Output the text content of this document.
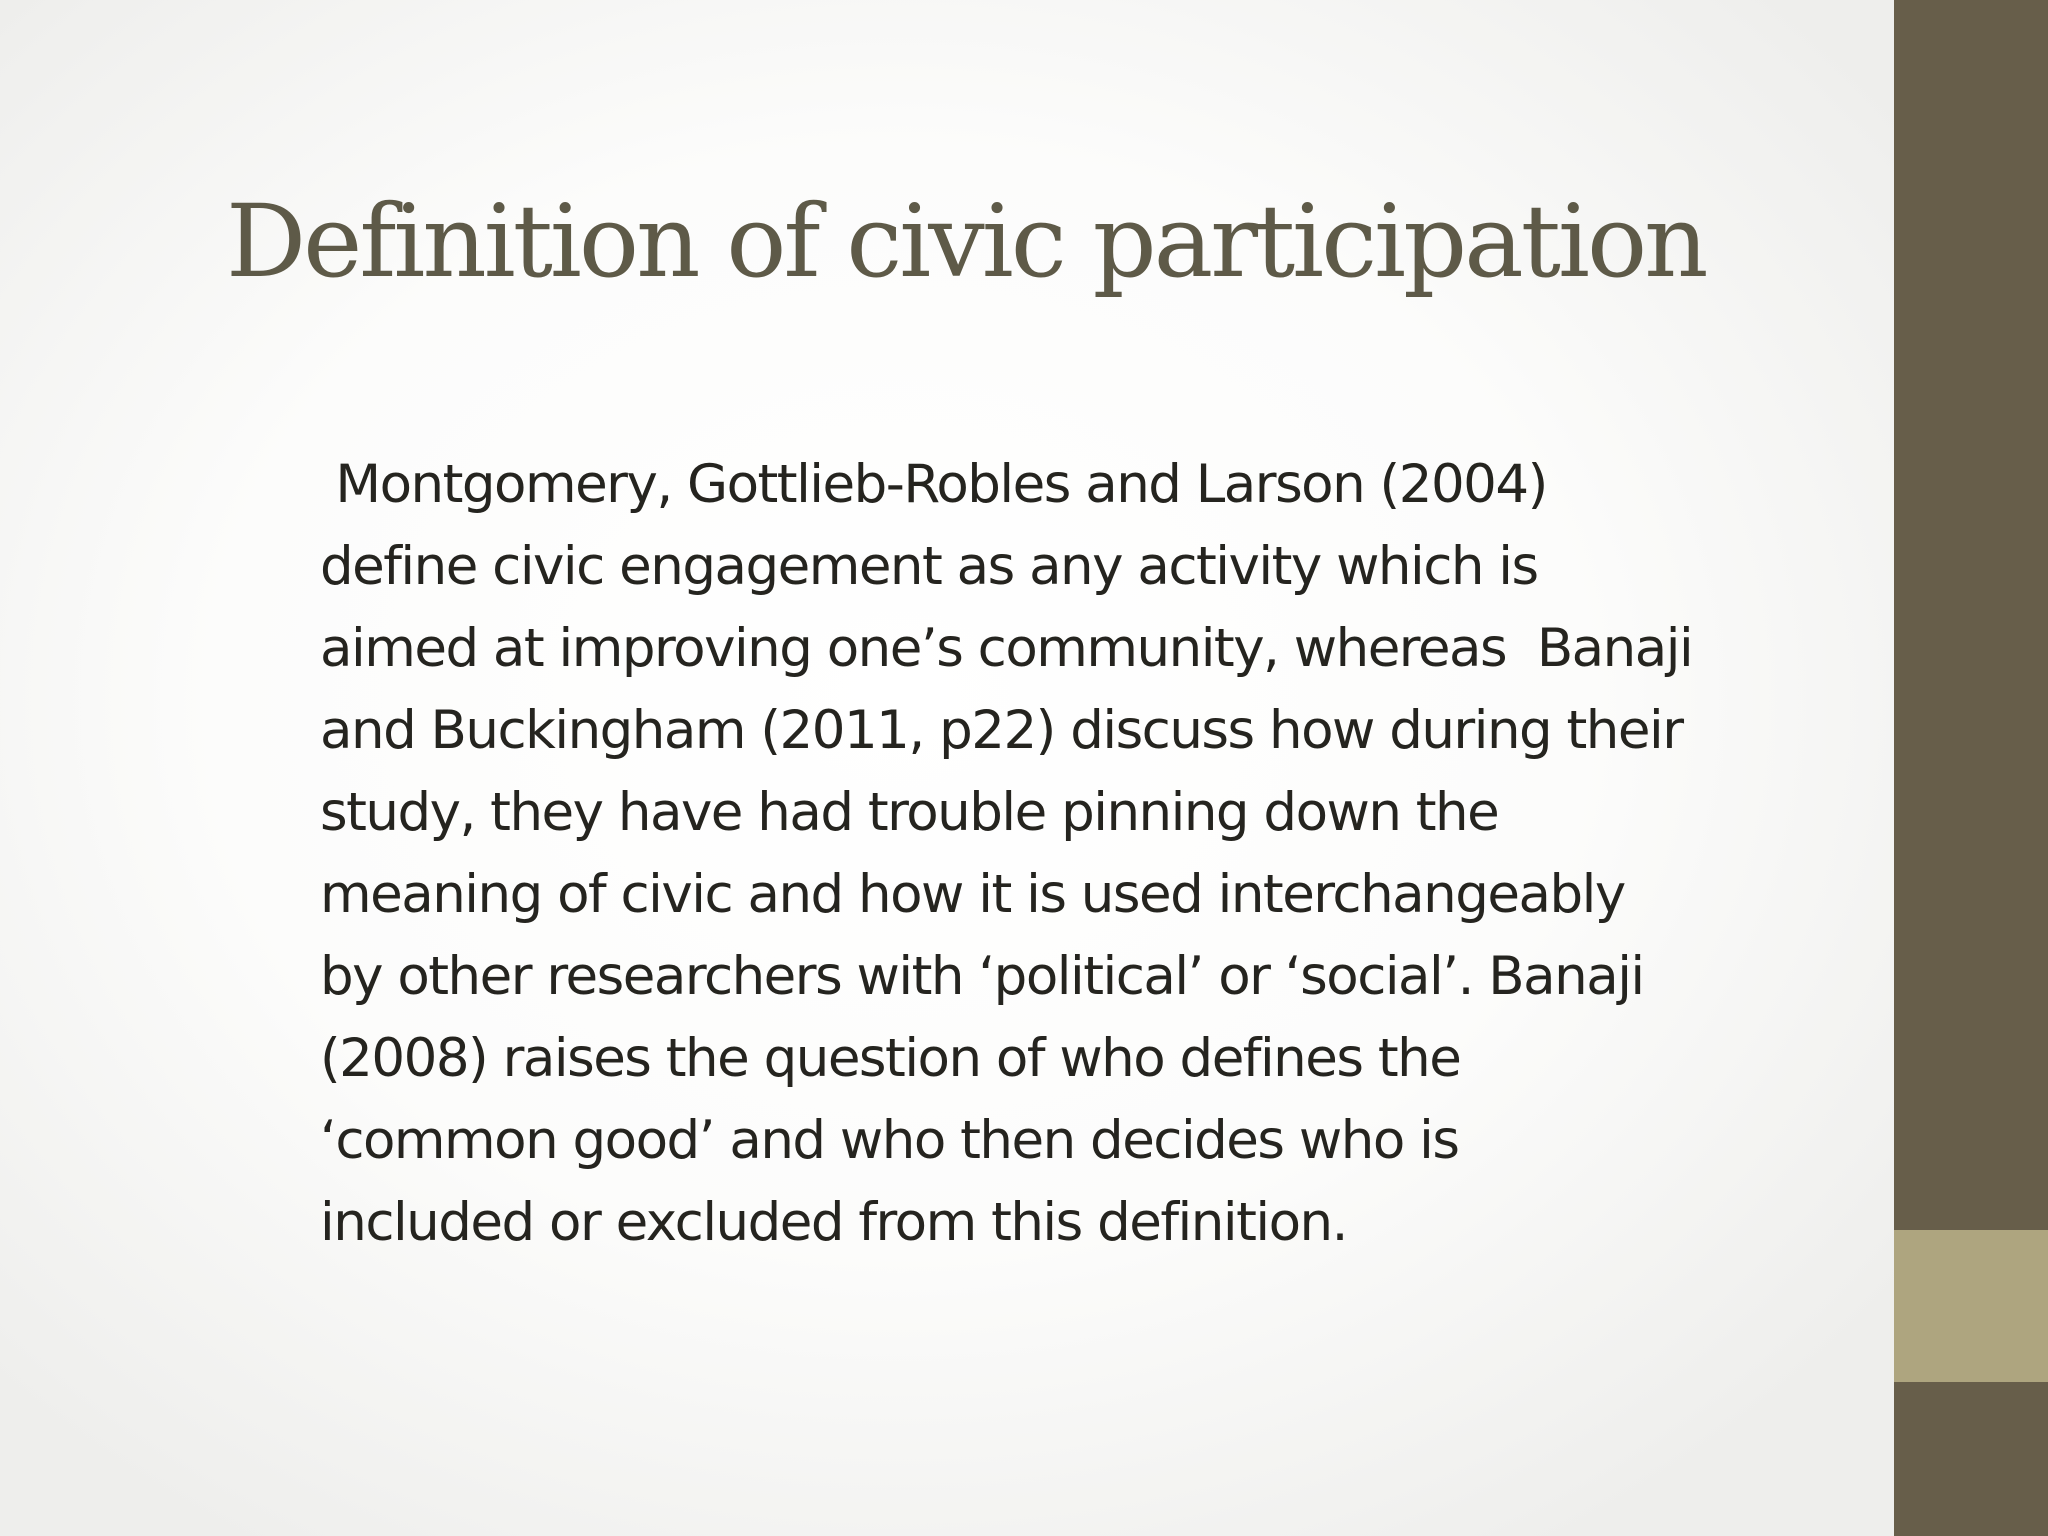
Definition of civic participation
Montgomery, Gottlieb-Robles and Larson (2004)
define civic engagement as any activity which is
aimed at improving one’s community, whereas  Banaji
and Buckingham (2011, p22) discuss how during their
study, they have had trouble pinning down the
meaning of civic and how it is used interchangeably
by other researchers with ‘political’ or ‘social’. Banaji
(2008) raises the question of who defines the
‘common good’ and who then decides who is
included or excluded from this definition.
